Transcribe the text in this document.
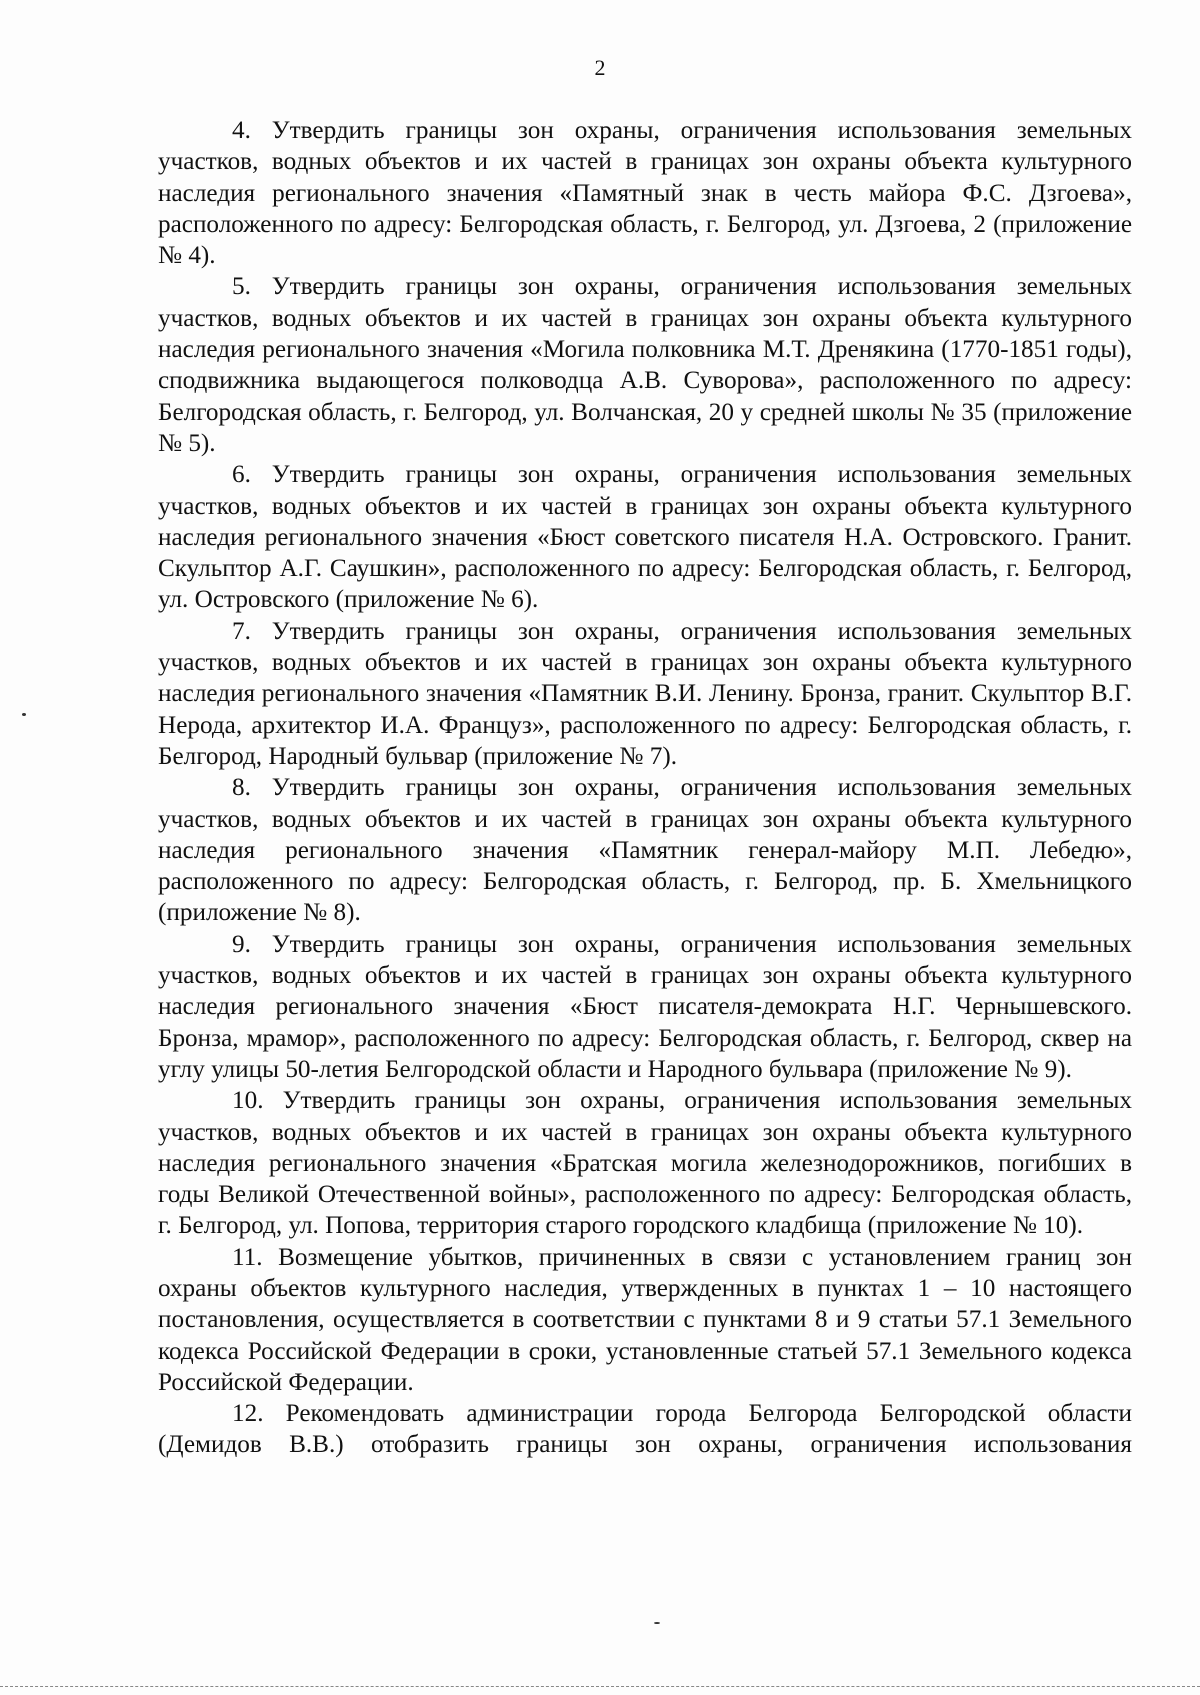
2

4. Утвердить границы зон охраны, ограничения использования земельных участков, водных объектов и их частей в границах зон охраны объекта культурного наследия регионального значения «Памятный знак в честь майора Ф.С. Дзгоева», расположенного по адресу: Белгородская область, г. Белгород, ул. Дзгоева, 2 (приложение № 4).

5. Утвердить границы зон охраны, ограничения использования земельных участков, водных объектов и их частей в границах зон охраны объекта культурного наследия регионального значения «Могила полковника М.Т. Дренякина (1770-1851 годы), сподвижника выдающегося полководца А.В. Суворова», расположенного по адресу: Белгородская область, г. Белгород, ул. Волчанская, 20 у средней школы № 35 (приложение № 5).

6. Утвердить границы зон охраны, ограничения использования земельных участков, водных объектов и их частей в границах зон охраны объекта культурного наследия регионального значения «Бюст советского писателя Н.А. Островского. Гранит. Скульптор А.Г. Саушкин», расположенного по адресу: Белгородская область, г. Белгород, ул. Островского (приложение № 6).

7. Утвердить границы зон охраны, ограничения использования земельных участков, водных объектов и их частей в границах зон охраны объекта культурного наследия регионального значения «Памятник В.И. Ленину. Бронза, гранит. Скульптор В.Г. Нерода, архитектор И.А. Француз», расположенного по адресу: Белгородская область, г. Белгород, Народный бульвар (приложение № 7).

8. Утвердить границы зон охраны, ограничения использования земельных участков, водных объектов и их частей в границах зон охраны объекта культурного наследия регионального значения «Памятник генерал-майору М.П. Лебедю», расположенного по адресу: Белгородская область, г. Белгород, пр. Б. Хмельницкого (приложение № 8).

9. Утвердить границы зон охраны, ограничения использования земельных участков, водных объектов и их частей в границах зон охраны объекта культурного наследия регионального значения «Бюст писателя-демократа Н.Г. Чернышевского. Бронза, мрамор», расположенного по адресу: Белгородская область, г. Белгород, сквер на углу улицы 50-летия Белгородской области и Народного бульвара (приложение № 9).

10. Утвердить границы зон охраны, ограничения использования земельных участков, водных объектов и их частей в границах зон охраны объекта культурного наследия регионального значения «Братская могила железнодорожников, погибших в годы Великой Отечественной войны», расположенного по адресу: Белгородская область, г. Белгород, ул. Попова, территория старого городского кладбища (приложение № 10).

11. Возмещение убытков, причиненных в связи с установлением границ зон охраны объектов культурного наследия, утвержденных в пунктах 1 – 10 настоящего постановления, осуществляется в соответствии с пунктами 8 и 9 статьи 57.1 Земельного кодекса Российской Федерации в сроки, установленные статьей 57.1 Земельного кодекса Российской Федерации.

12. Рекомендовать администрации города Белгорода Белгородской области (Демидов В.В.) отобразить границы зон охраны, ограничения использования
